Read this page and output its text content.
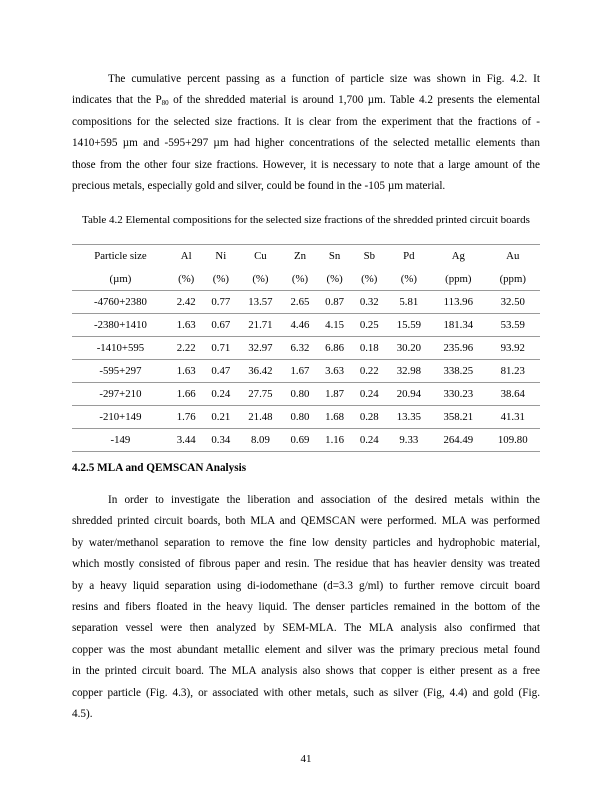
The cumulative percent passing as a function of particle size was shown in Fig. 4.2. It
indicates that the $P_{80}$ of the shredded material is around 1,700 µm. Table 4.2 presents the elemental
compositions for the selected size fractions. It is clear from the experiment that the fractions of -
1410+595 µm and -595+297 µm had higher concentrations of the selected metallic elements than
those from the other four size fractions. However, it is necessary to note that a large amount of the
precious metals, especially gold and silver, could be found in the -105 µm material.
Table 4.2 Elemental compositions for the selected size fractions of the shredded printed circuit boards
Particle size	Al	Ni	Cu	Zn	Sn	Sb	Pd	Ag	Au
(µm)	(%)	(%)	(%)	(%)	(%)	(%)	(%)	(ppm)	(ppm)
-4760+2380	2.42	0.77	13.57	2.65	0.87	0.32	5.81	113.96	32.50
-2380+1410	1.63	0.67	21.71	4.46	4.15	0.25	15.59	181.34	53.59
-1410+595	2.22	0.71	32.97	6.32	6.86	0.18	30.20	235.96	93.92
-595+297	1.63	0.47	36.42	1.67	3.63	0.22	32.98	338.25	81.23
-297+210	1.66	0.24	27.75	0.80	1.87	0.24	20.94	330.23	38.64
-210+149	1.76	0.21	21.48	0.80	1.68	0.28	13.35	358.21	41.31
-149	3.44	0.34	8.09	0.69	1.16	0.24	9.33	264.49	109.80
4.2.5 MLA and QEMSCAN Analysis
In order to investigate the liberation and association of the desired metals within the
shredded printed circuit boards, both MLA and QEMSCAN were performed. MLA was performed
by water/methanol separation to remove the fine low density particles and hydrophobic material,
which mostly consisted of fibrous paper and resin. The residue that has heavier density was treated
by a heavy liquid separation using di-iodomethane (d=3.3 g/ml) to further remove circuit board
resins and fibers floated in the heavy liquid. The denser particles remained in the bottom of the
separation vessel were then analyzed by SEM-MLA. The MLA analysis also confirmed that
copper was the most abundant metallic element and silver was the primary precious metal found
in the printed circuit board. The MLA analysis also shows that copper is either present as a free
copper particle (Fig. 4.3), or associated with other metals, such as silver (Fig, 4.4) and gold (Fig.
4.5).
41
